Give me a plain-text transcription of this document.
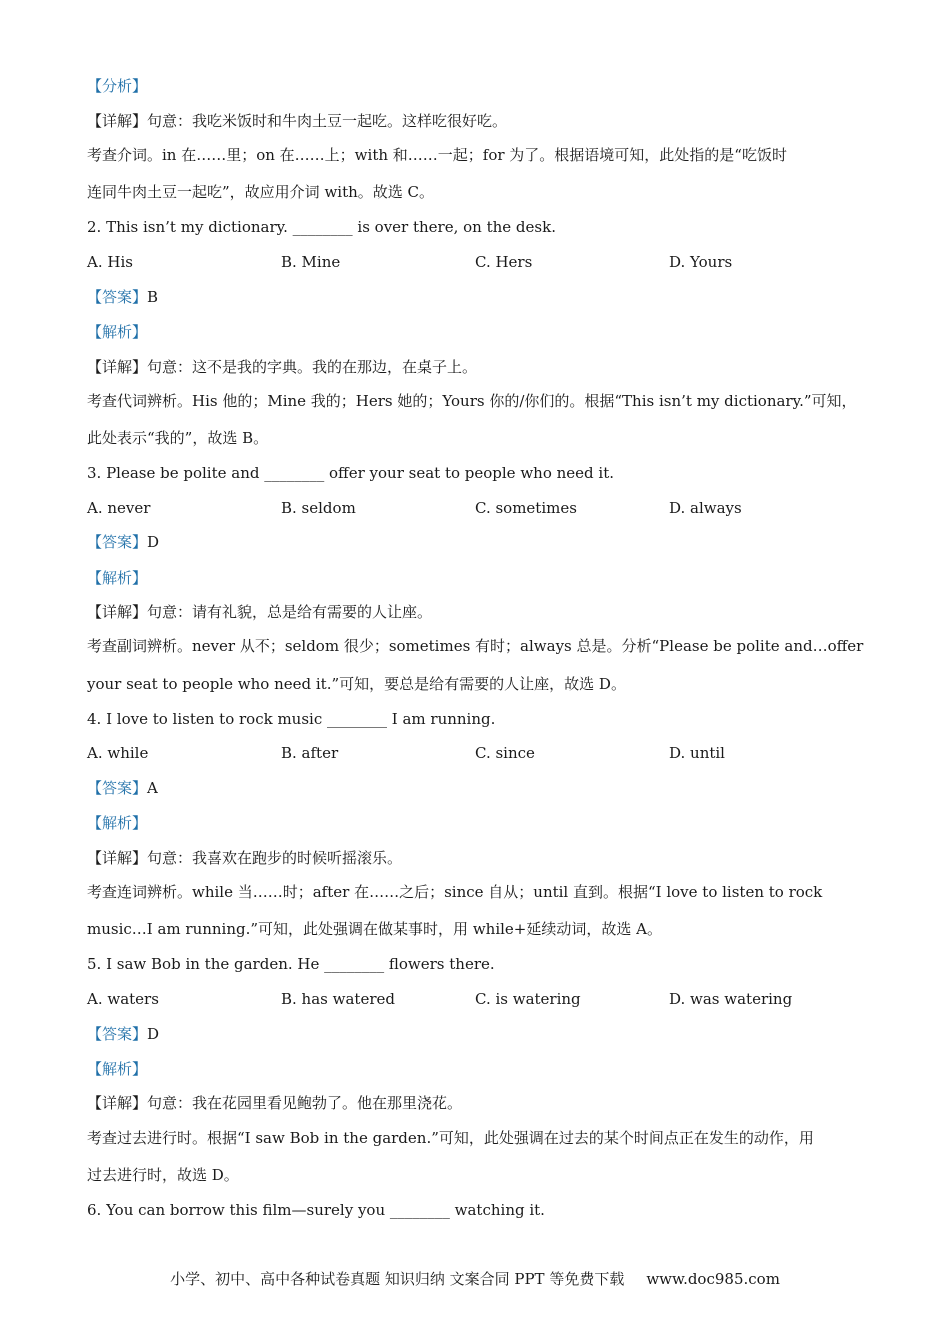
【分析】
【详解】句意：我吃米饭时和牛肉土豆一起吃。这样吃很好吃。
考查介词。in 在……里；on 在……上；with 和……一起；for 为了。根据语境可知，此处指的是“吃饭时
连同牛肉土豆一起吃”，故应用介词 with。故选 C。
2. This isn’t my dictionary. ________ is over there, on the desk.
A. His	B. Mine	C. Hers	D. Yours
【答案】B
【解析】
【详解】句意：这不是我的字典。我的在那边，在桌子上。
考查代词辨析。His 他的；Mine 我的；Hers 她的；Yours 你的/你们的。根据“This isn’t my dictionary.”可知，
此处表示“我的”，故选 B。
3. Please be polite and ________ offer your seat to people who need it.
A. never	B. seldom	C. sometimes	D. always
【答案】D
【解析】
【详解】句意：请有礼貌，总是给有需要的人让座。
考查副词辨析。never 从不；seldom 很少；sometimes 有时；always 总是。分析“Please be polite and…offer
your seat to people who need it.”可知，要总是给有需要的人让座，故选 D。
4. I love to listen to rock music ________ I am running.
A. while	B. after	C. since	D. until
【答案】A
【解析】
【详解】句意：我喜欢在跑步的时候听摇滚乐。
考查连词辨析。while 当……时；after 在……之后；since 自从；until 直到。根据“I love to listen to rock
music…I am running.”可知，此处强调在做某事时，用 while+延续动词，故选 A。
5. I saw Bob in the garden. He ________ flowers there.
A. waters	B. has watered	C. is watering	D. was watering
【答案】D
【解析】
【详解】句意：我在花园里看见鲍勃了。他在那里浇花。
考查过去进行时。根据“I saw Bob in the garden.”可知，此处强调在过去的某个时间点正在发生的动作，用
过去进行时，故选 D。
6. You can borrow this film—surely you ________ watching it.
小学、初中、高中各种试卷真题 知识归纳 文案合同 PPT 等免费下载 www.doc985.com
